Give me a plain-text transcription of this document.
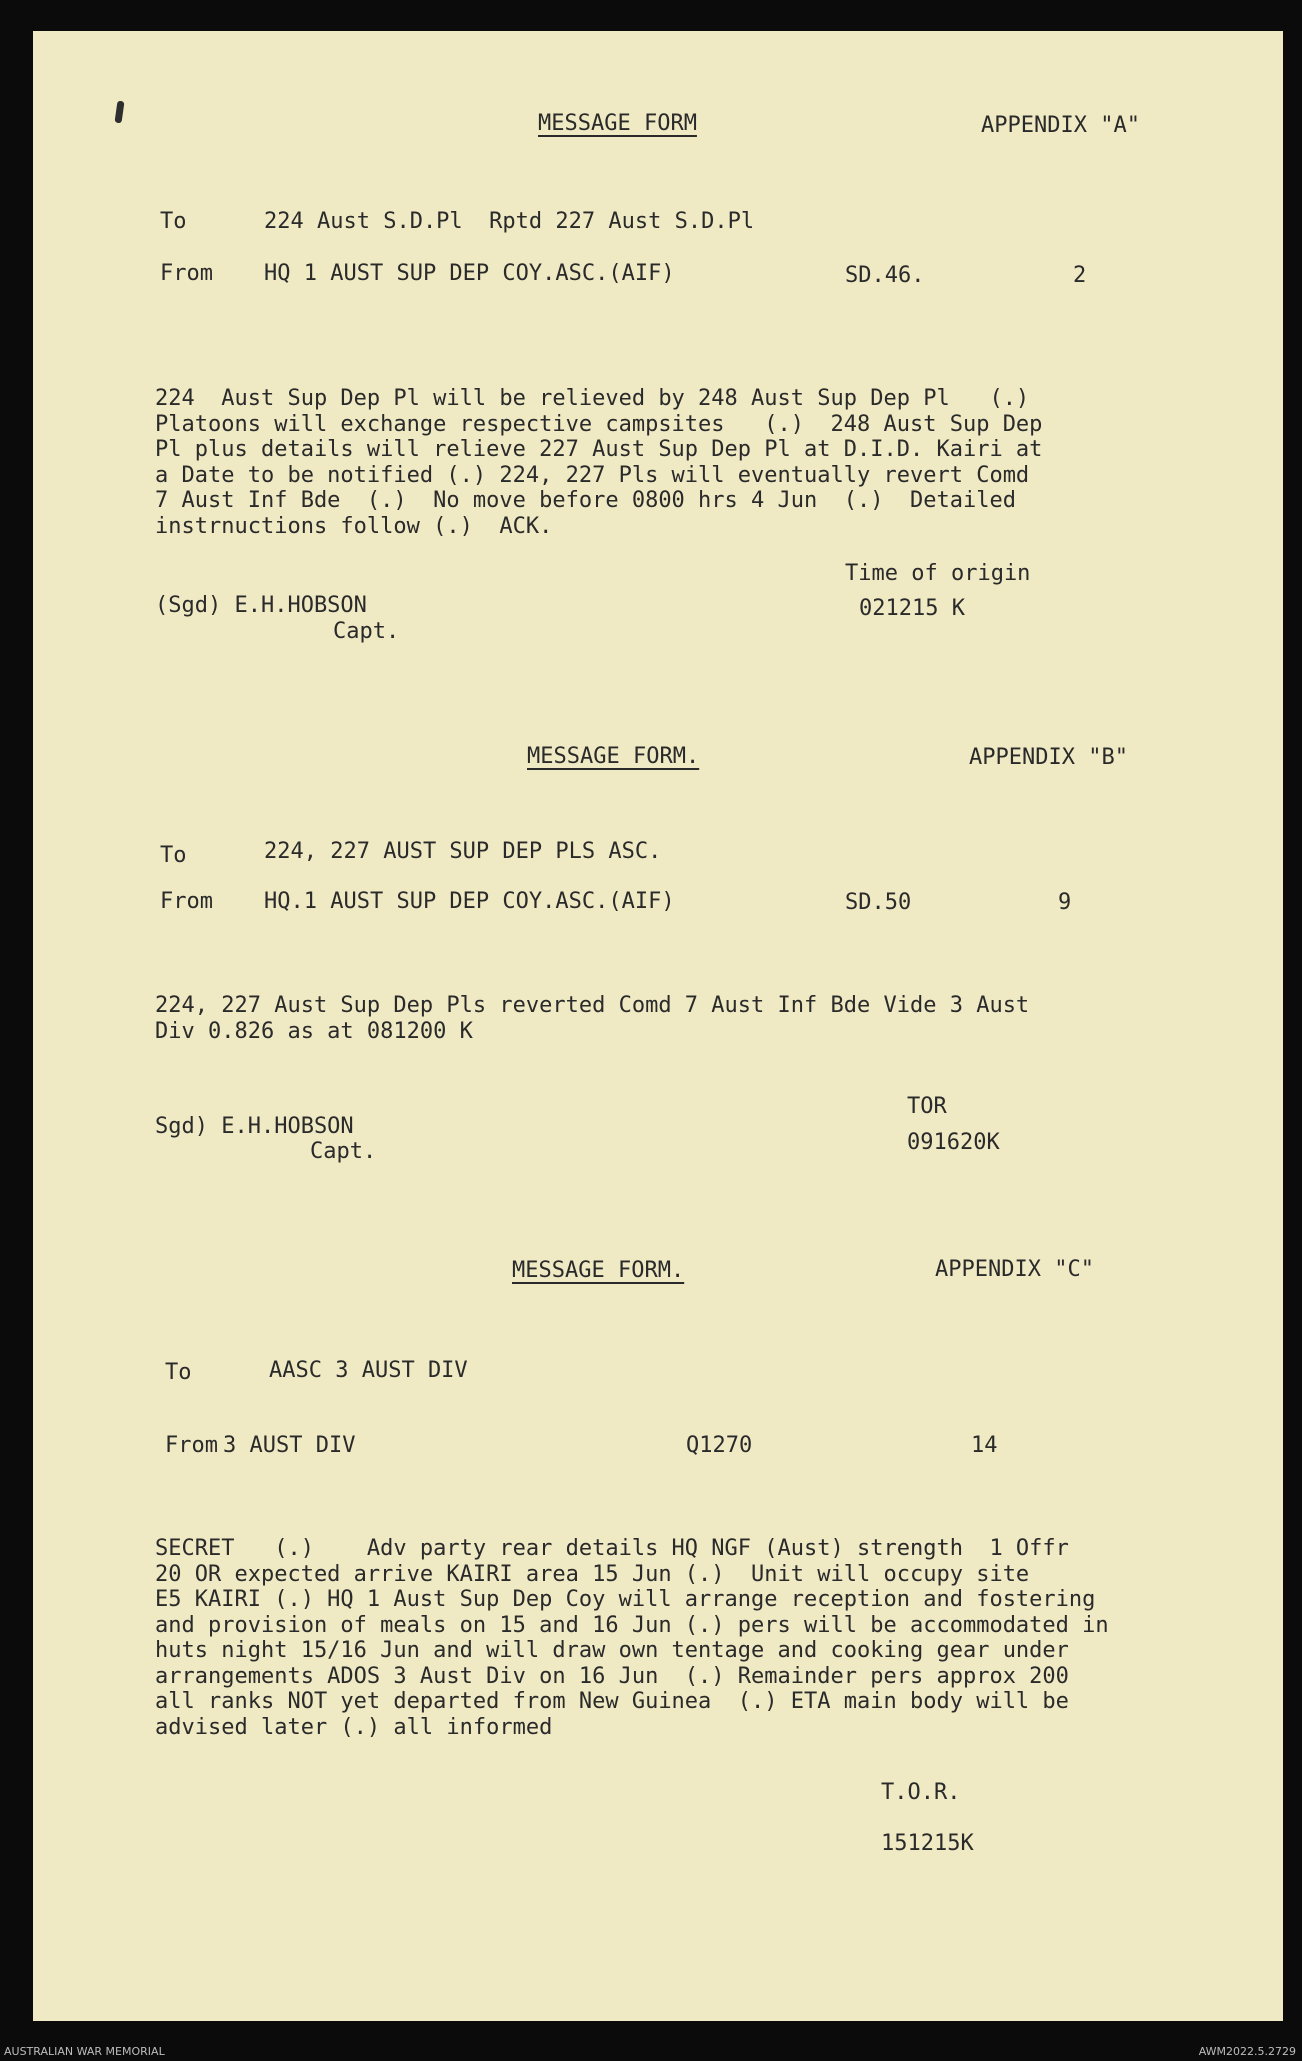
MESSAGE FORM	APPENDIX "A"
To	224 Aust S.D.Pl  Rptd 227 Aust S.D.Pl
From HQ 1 AUST SUP DEP COY.ASC.(AIF)	SD.46.	2
224  Aust Sup Dep Pl will be relieved by 248 Aust Sup Dep Pl   (.)
Platoons will exchange respective campsites   (.)  248 Aust Sup Dep
Pl plus details will relieve 227 Aust Sup Dep Pl at D.I.D. Kairi at
a Date to be notified (.) 224, 227 Pls will eventually revert Comd
7 Aust Inf Bde  (.)  No move before 0800 hrs 4 Jun  (.)  Detailed
instrnuctions follow (.)  ACK.
Time of origin
021215 K
(Sgd) E.H.HOBSON
Capt.
MESSAGE FORM.	APPENDIX "B"
To	224, 227 AUST SUP DEP PLS ASC.
From HQ.1 AUST SUP DEP COY.ASC.(AIF)	SD.50	9
224, 227 Aust Sup Dep Pls reverted Comd 7 Aust Inf Bde Vide 3 Aust
Div 0.826 as at 081200 K
TOR
091620K
Sgd) E.H.HOBSON
Capt.
MESSAGE FORM.	APPENDIX "C"
To	AASC 3 AUST DIV
From 3 AUST DIV	Q1270	14
SECRET   (.)    Adv party rear details HQ NGF (Aust) strength  1 Offr
20 OR expected arrive KAIRI area 15 Jun (.)  Unit will occupy site
E5 KAIRI (.) HQ 1 Aust Sup Dep Coy will arrange reception and fostering
and provision of meals on 15 and 16 Jun (.) pers will be accommodated in
huts night 15/16 Jun and will draw own tentage and cooking gear under
arrangements ADOS 3 Aust Div on 16 Jun  (.) Remainder pers approx 200
all ranks NOT yet departed from New Guinea  (.) ETA main body will be
advised later (.) all informed
T.O.R.
151215K
AUSTRALIAN WAR MEMORIAL	AWM2022.5.2729
